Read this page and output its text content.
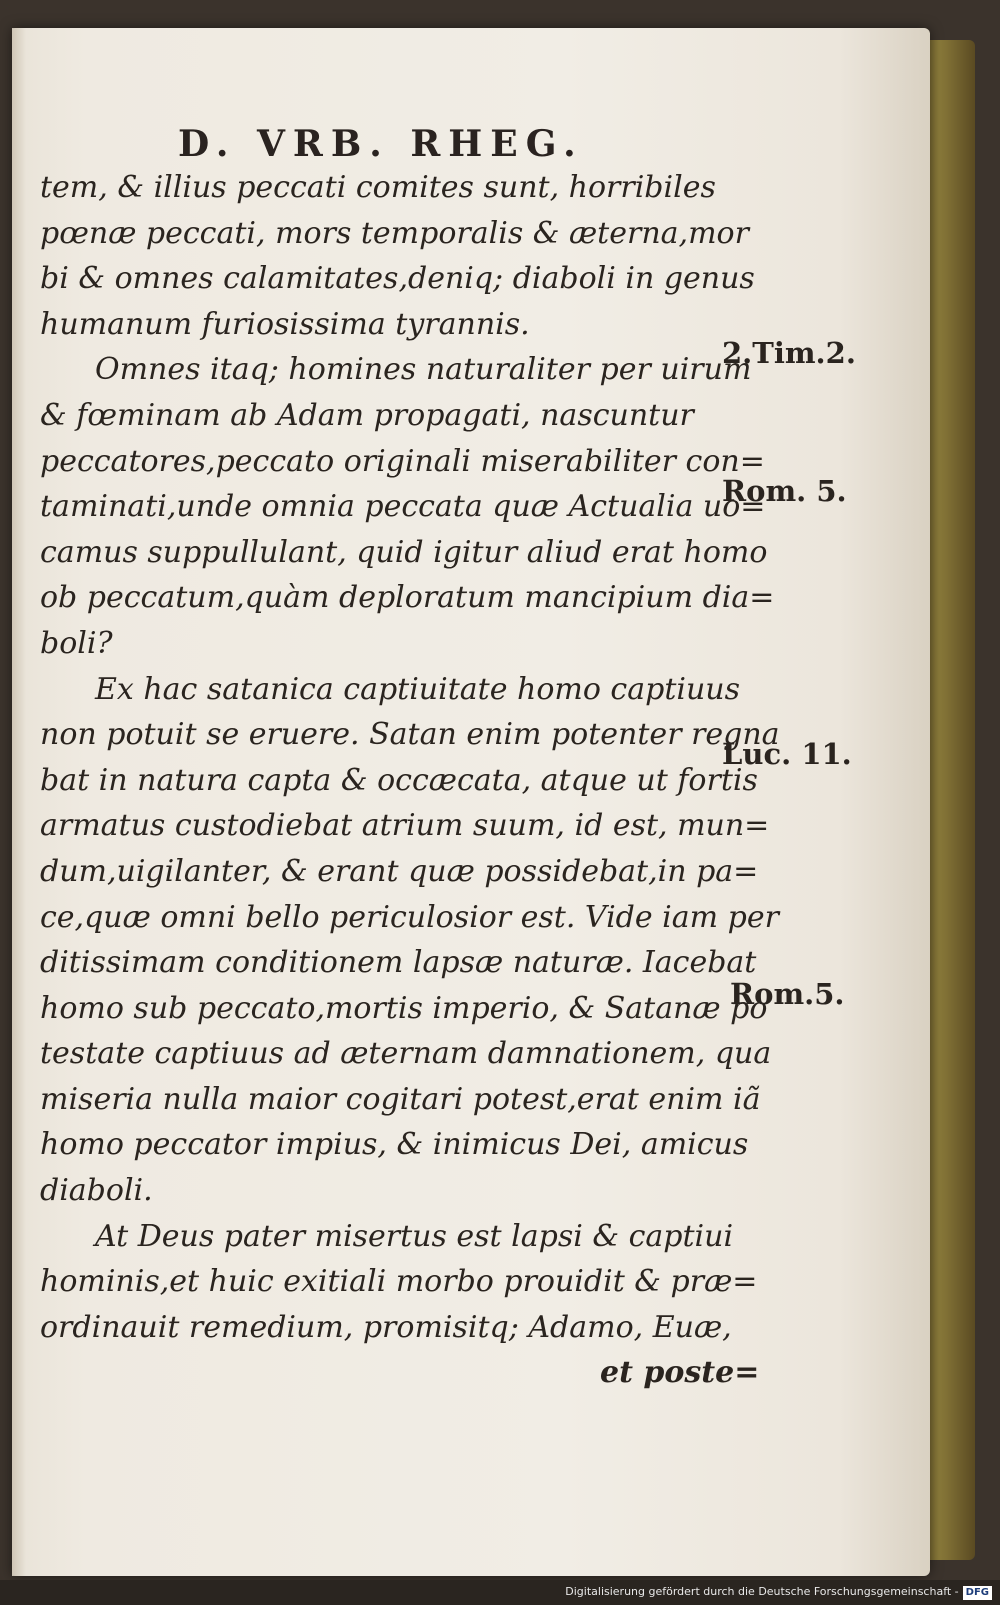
D. VRB. RHEG.
tem, & illius peccati comites sunt, horribiles
pœnæ peccati, mors temporalis & æterna,mor
bi & omnes calamitates,deniq; diaboli in genus
humanum furiosissima tyrannis.
Omnes itaq; homines naturaliter per uirum
& fœminam ab Adam propagati, nascuntur
peccatores,peccato originali miserabiliter con=
taminati,unde omnia peccata quæ Actualia uo=
camus suppullulant, quid igitur aliud erat homo
ob peccatum,quàm deploratum mancipium dia=
boli?
Ex hac satanica captiuitate homo captiuus
non potuit se eruere. Satan enim potenter regna
bat in natura capta & occæcata, atque ut fortis
armatus custodiebat atrium suum, id est, mun=
dum,uigilanter, & erant quæ possidebat,in pa=
ce,quæ omni bello periculosior est. Vide iam per
ditissimam conditionem lapsæ naturæ. Iacebat
homo sub peccato,mortis imperio, & Satanæ po
testate captiuus ad æternam damnationem, qua
miseria nulla maior cogitari potest,erat enim iã
homo peccator impius, & inimicus Dei, amicus
diaboli.
At Deus pater misertus est lapsi & captiui
hominis,et huic exitiali morbo prouidit & præ=
ordinauit remedium, promisitq; Adamo, Euæ,
et poste=
2.Tim.2.
Rom. 5.
Luc. 11.
Rom.5.
Digitalisierung gefördert durch die Deutsche Forschungsgemeinschaft - DFG
